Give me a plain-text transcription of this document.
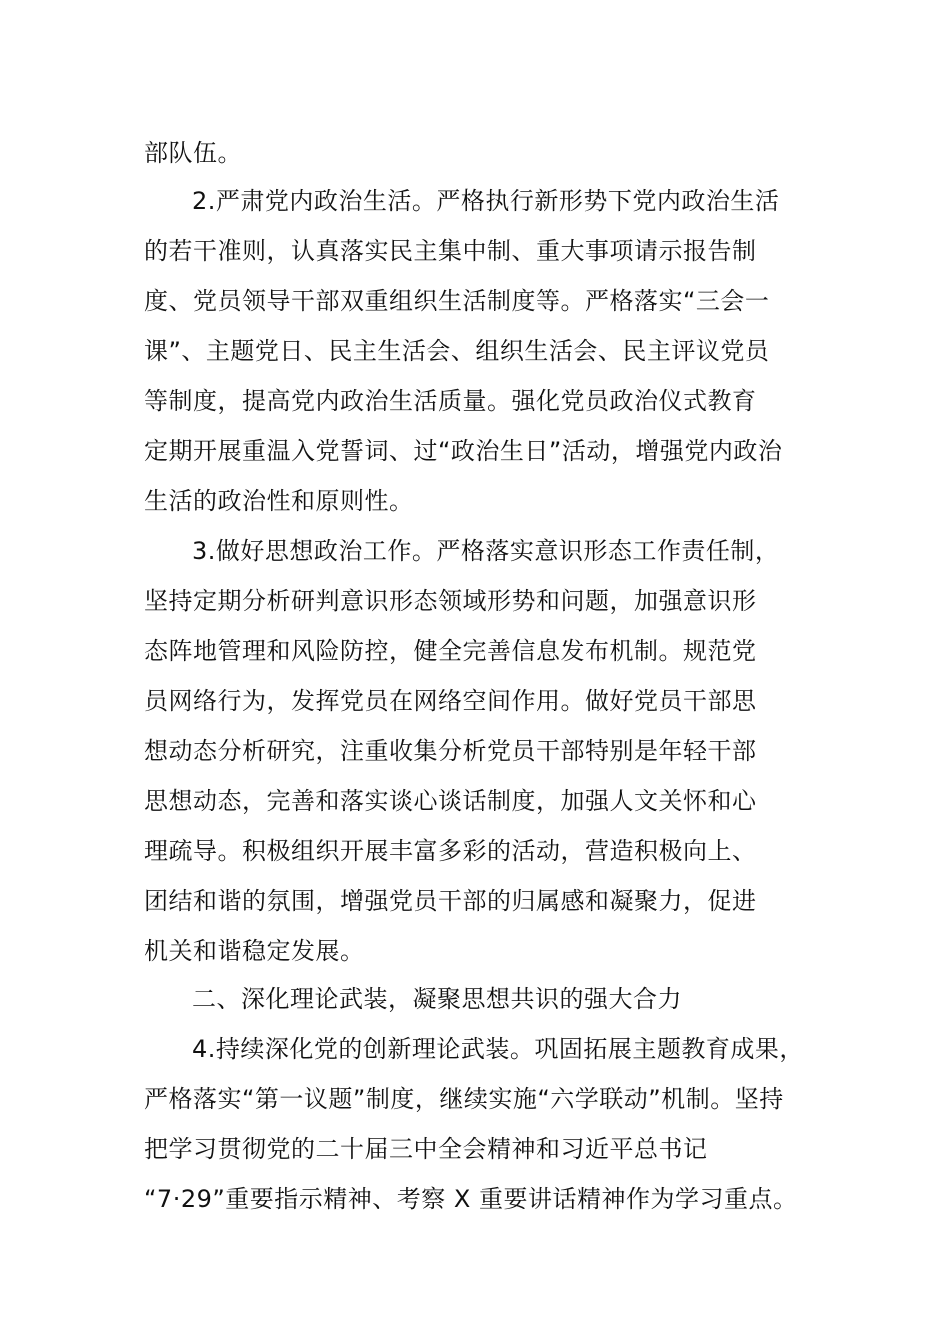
部队伍。
2.严肃党内政治生活。严格执行新形势下党内政治生活
的若干准则，认真落实民主集中制、重大事项请示报告制
度、党员领导干部双重组织生活制度等。严格落实“三会一
课”、主题党日、民主生活会、组织生活会、民主评议党员
等制度，提高党内政治生活质量。强化党员政治仪式教育
定期开展重温入党誓词、过“政治生日”活动，增强党内政治
生活的政治性和原则性。
3.做好思想政治工作。严格落实意识形态工作责任制，
坚持定期分析研判意识形态领域形势和问题，加强意识形
态阵地管理和风险防控，健全完善信息发布机制。规范党
员网络行为，发挥党员在网络空间作用。做好党员干部思
想动态分析研究，注重收集分析党员干部特别是年轻干部
思想动态，完善和落实谈心谈话制度，加强人文关怀和心
理疏导。积极组织开展丰富多彩的活动，营造积极向上、
团结和谐的氛围，增强党员干部的归属感和凝聚力，促进
机关和谐稳定发展。
二、深化理论武装，凝聚思想共识的强大合力
4.持续深化党的创新理论武装。巩固拓展主题教育成果，
严格落实“第一议题”制度，继续实施“六学联动”机制。坚持
把学习贯彻党的二十届三中全会精神和习近平总书记
“7·29”重要指示精神、考察 X 重要讲话精神作为学习重点。
